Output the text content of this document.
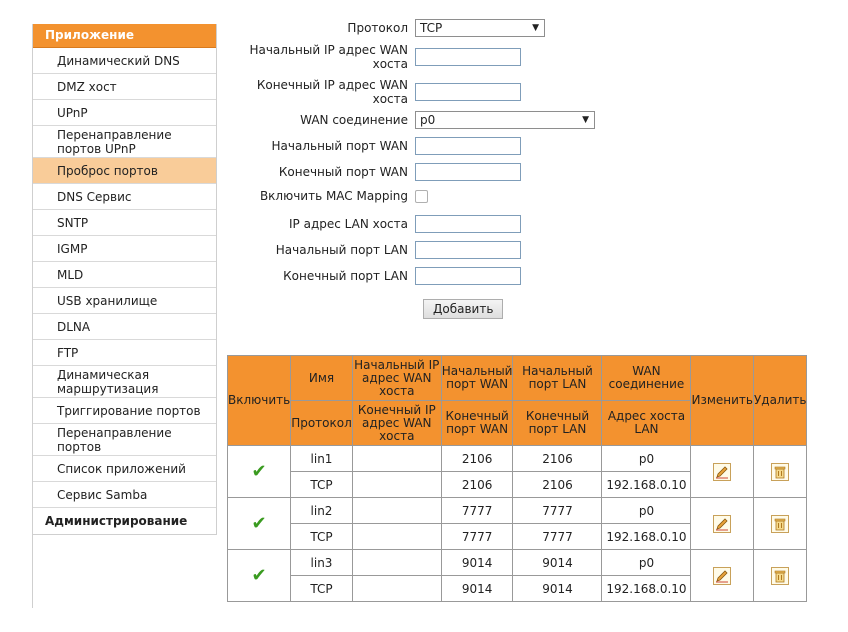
Приложение
Динамический DNS
DMZ хост
UPnP
Перенаправление портов UPnP
Проброс портов
DNS Сервис
SNTP
IGMP
MLD
USB хранилище
DLNA
FTP
Динамическая маршрутизация
Триггирование портов
Перенаправление портов
Список приложений
Сервис Samba
Администрирование
Протокол	TCP	▼
Начальный IP адрес WAN хоста
Конечный IP адрес WAN хоста
WAN соединение	p0	▼
Начальный порт WAN
Конечный порт WAN
Включить MAC Mapping
IP адрес LAN хоста
Начальный порт LAN
Конечный порт LAN
Добавить
Включить	Имя	Начальный IP адрес WAN хоста	Начальный порт WAN	Начальный порт LAN	WAN соединение	Изменить	Удалить
	Протокол	Конечный IP адрес WAN хоста	Конечный порт WAN	Конечный порт LAN	Адрес хоста LAN		
✔	lin1		2106	2106	p0		
	TCP		2106	2106	192.168.0.10		
✔	lin2		7777	7777	p0		
	TCP		7777	7777	192.168.0.10		
✔	lin3		9014	9014	p0		
	TCP		9014	9014	192.168.0.10		
